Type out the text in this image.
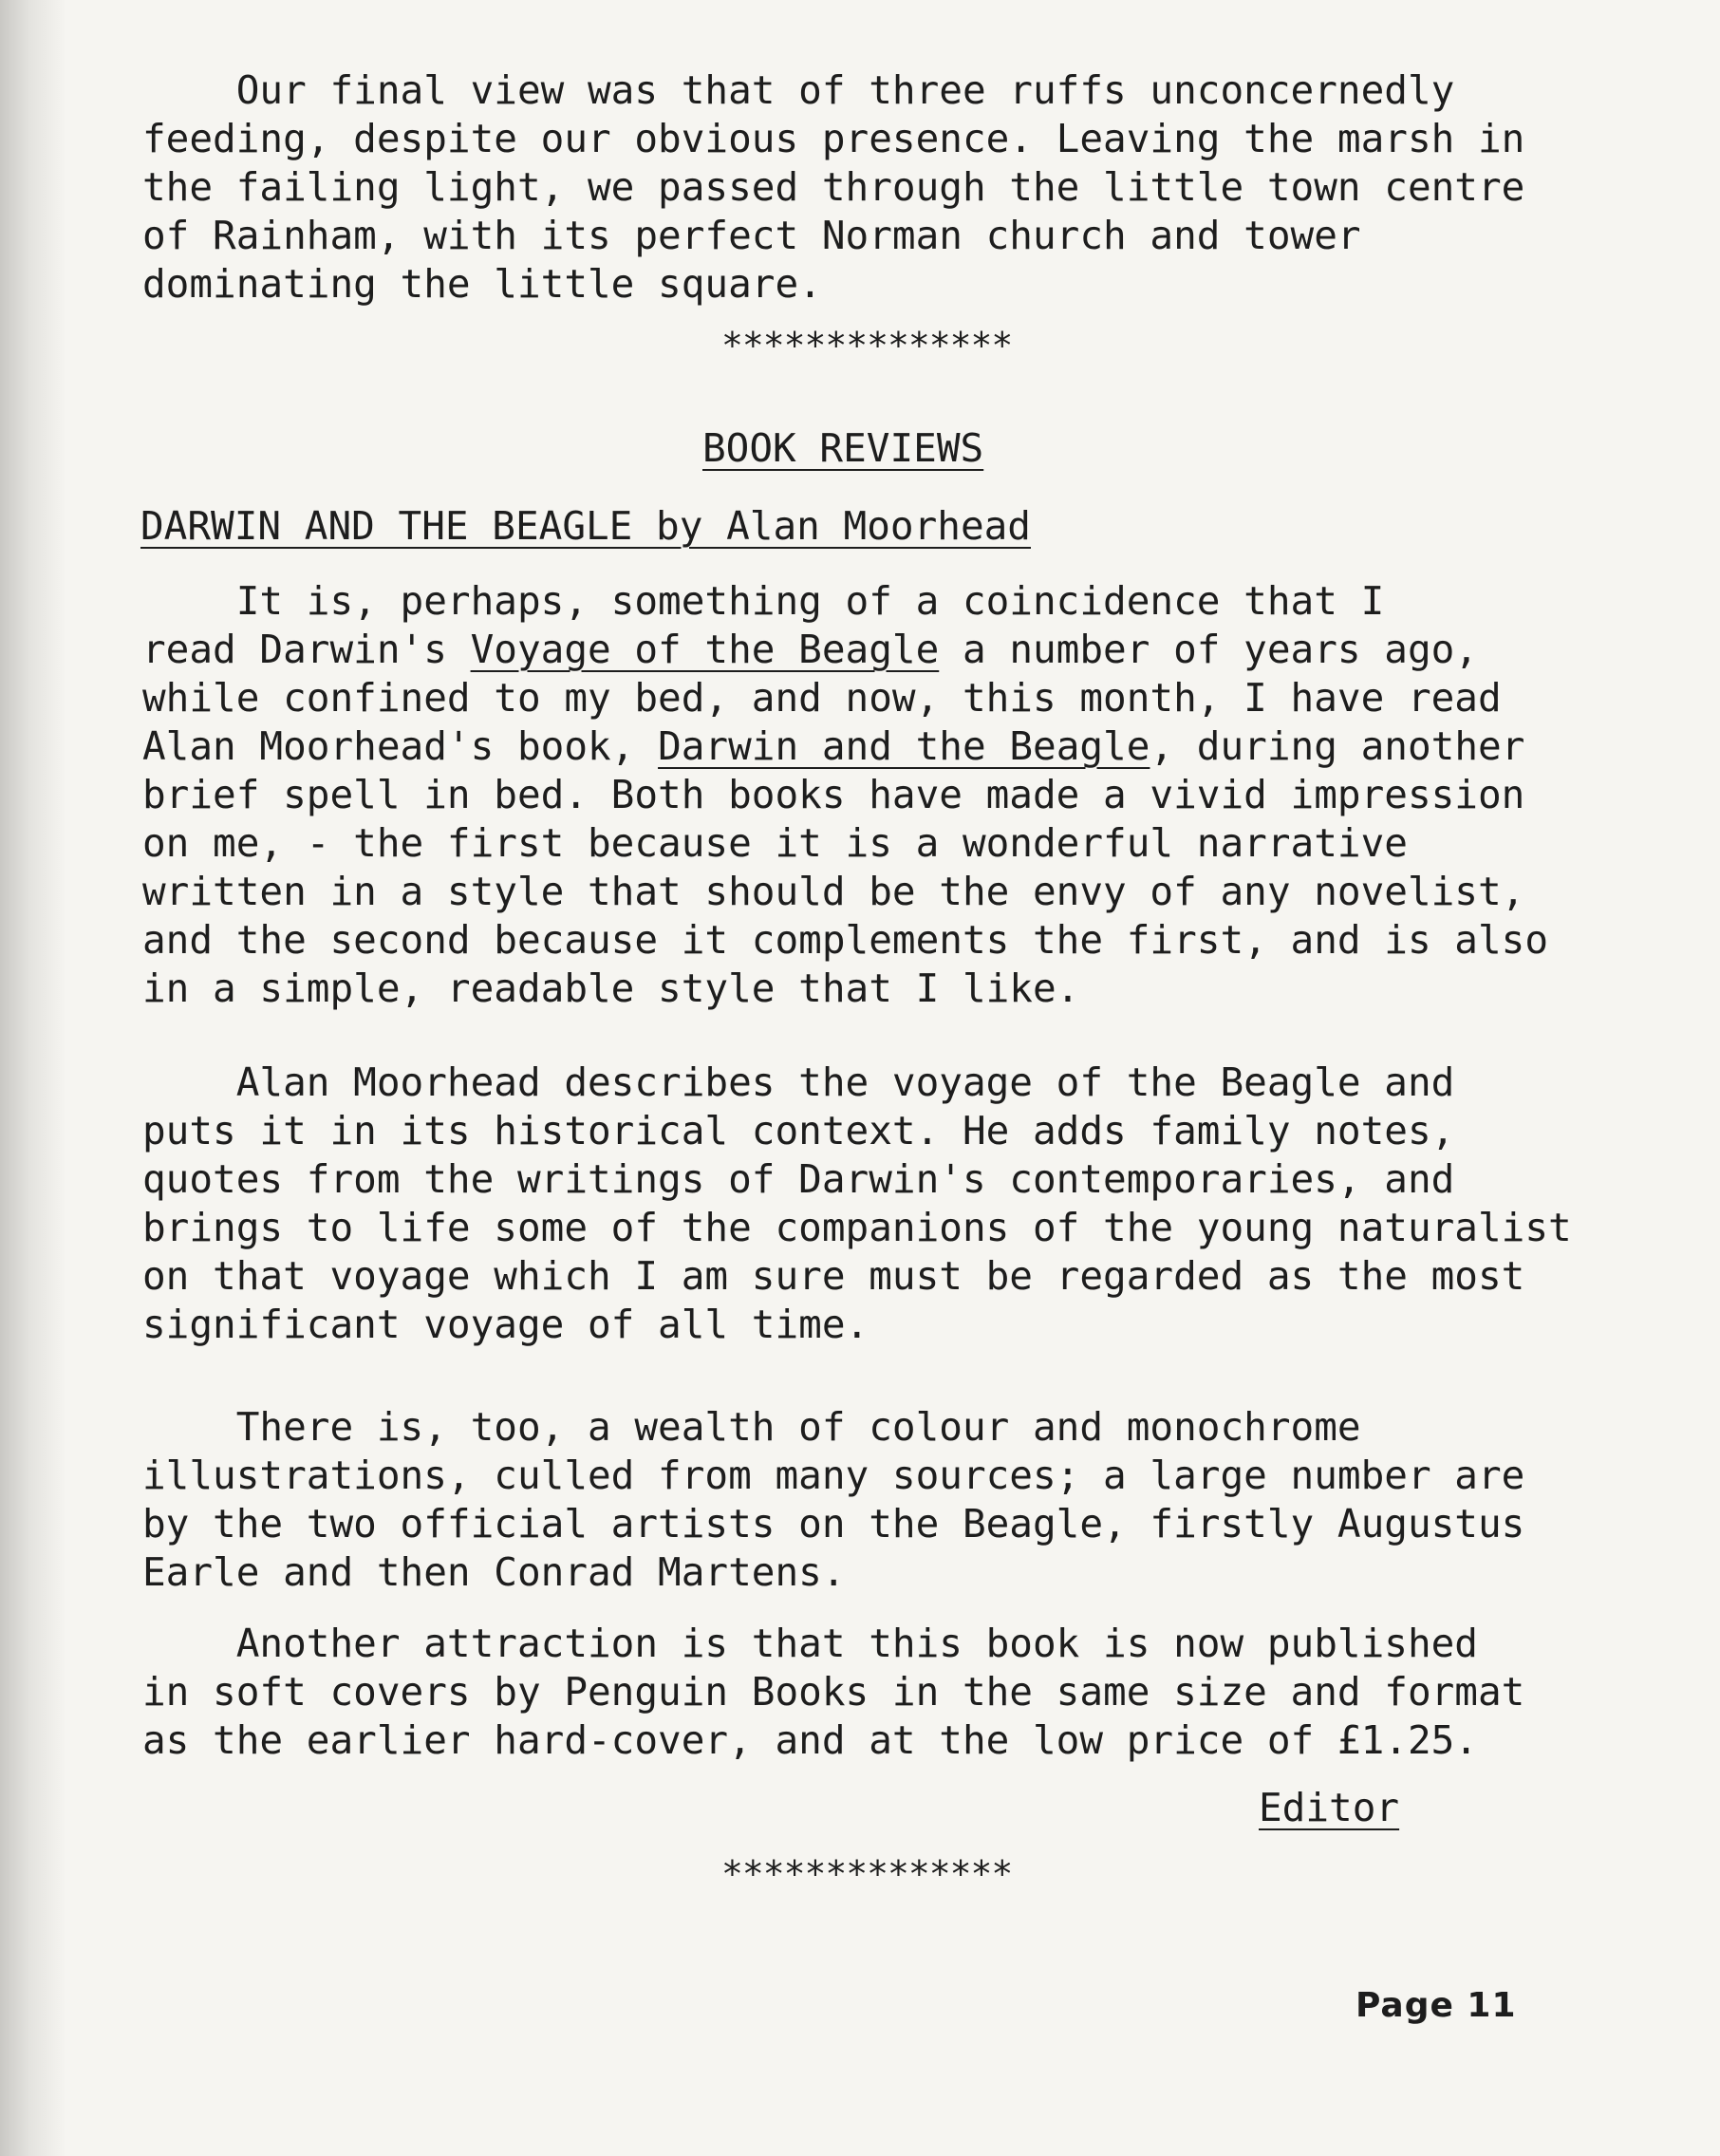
Our final view was that of three ruffs unconcernedly

feeding, despite our obvious presence. Leaving the marsh in

the failing light, we passed through the little town centre

of Rainham, with its perfect Norman church and tower

dominating the little square.

**************
BOOK REVIEWS
DARWIN AND THE BEAGLE by Alan Moorhead

It is, perhaps, something of a coincidence that I

read Darwin's Voyage of the Beagle a number of years ago,

while confined to my bed, and now, this month, I have read

Alan Moorhead's book, Darwin and the Beagle, during another

brief spell in bed. Both books have made a vivid impression

on me, - the first because it is a wonderful narrative

written in a style that should be the envy of any novelist,

and the second because it complements the first, and is also

in a simple, readable style that I like.

Alan Moorhead describes the voyage of the Beagle and

puts it in its historical context. He adds family notes,

quotes from the writings of Darwin's contemporaries, and

brings to life some of the companions of the young naturalist

on that voyage which I am sure must be regarded as the most

significant voyage of all time.

There is, too, a wealth of colour and monochrome

illustrations, culled from many sources; a large number are

by the two official artists on the Beagle, firstly Augustus

Earle and then Conrad Martens.

Another attraction is that this book is now published

in soft covers by Penguin Books in the same size and format

as the earlier hard-cover, and at the low price of £1.25.

Editor
**************
Page 11
